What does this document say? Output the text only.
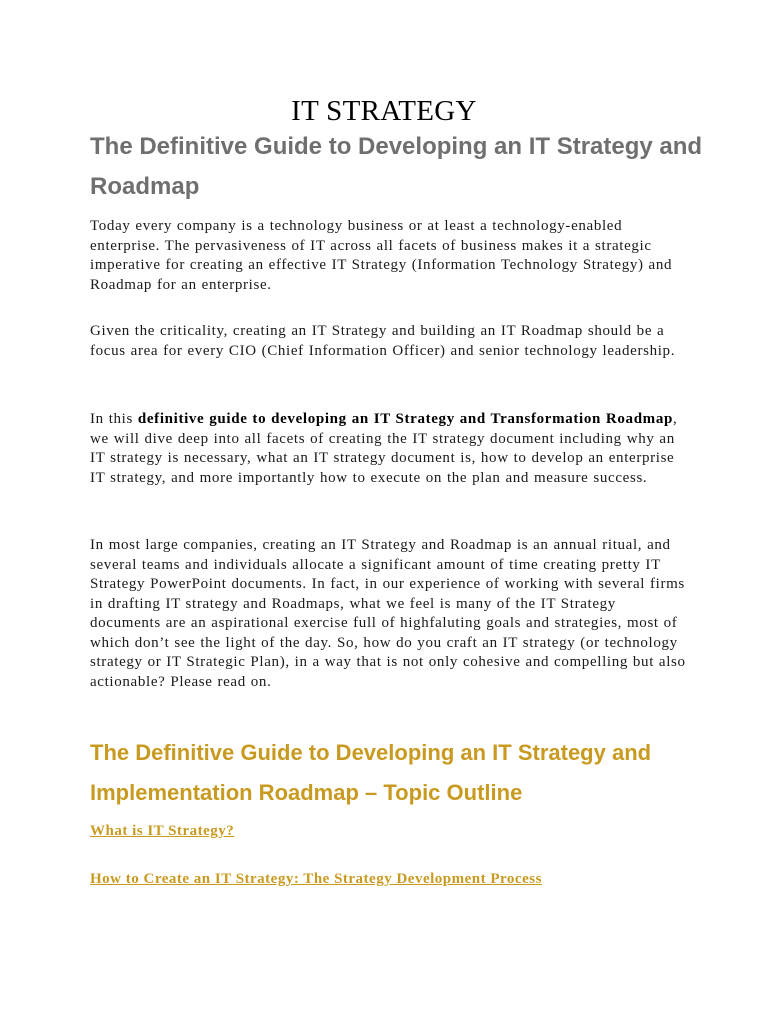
IT STRATEGY
The Definitive Guide to Developing an IT Strategy and Roadmap
Today every company is a technology business or at least a technology-enabled enterprise. The pervasiveness of IT across all facets of business makes it a strategic imperative for creating an effective IT Strategy (Information Technology Strategy) and Roadmap for an enterprise.
Given the criticality, creating an IT Strategy and building an IT Roadmap should be a focus area for every CIO (Chief Information Officer) and senior technology leadership.
In this definitive guide to developing an IT Strategy and Transformation Roadmap, we will dive deep into all facets of creating the IT strategy document including why an IT strategy is necessary, what an IT strategy document is, how to develop an enterprise IT strategy, and more importantly how to execute on the plan and measure success.
In most large companies, creating an IT Strategy and Roadmap is an annual ritual, and several teams and individuals allocate a significant amount of time creating pretty IT Strategy PowerPoint documents. In fact, in our experience of working with several firms in drafting IT strategy and Roadmaps, what we feel is many of the IT Strategy documents are an aspirational exercise full of highfaluting goals and strategies, most of which don’t see the light of the day. So, how do you craft an IT strategy (or technology strategy or IT Strategic Plan), in a way that is not only cohesive and compelling but also actionable? Please read on.
The Definitive Guide to Developing an IT Strategy and Implementation Roadmap – Topic Outline
What is IT Strategy?
How to Create an IT Strategy: The Strategy Development Process
